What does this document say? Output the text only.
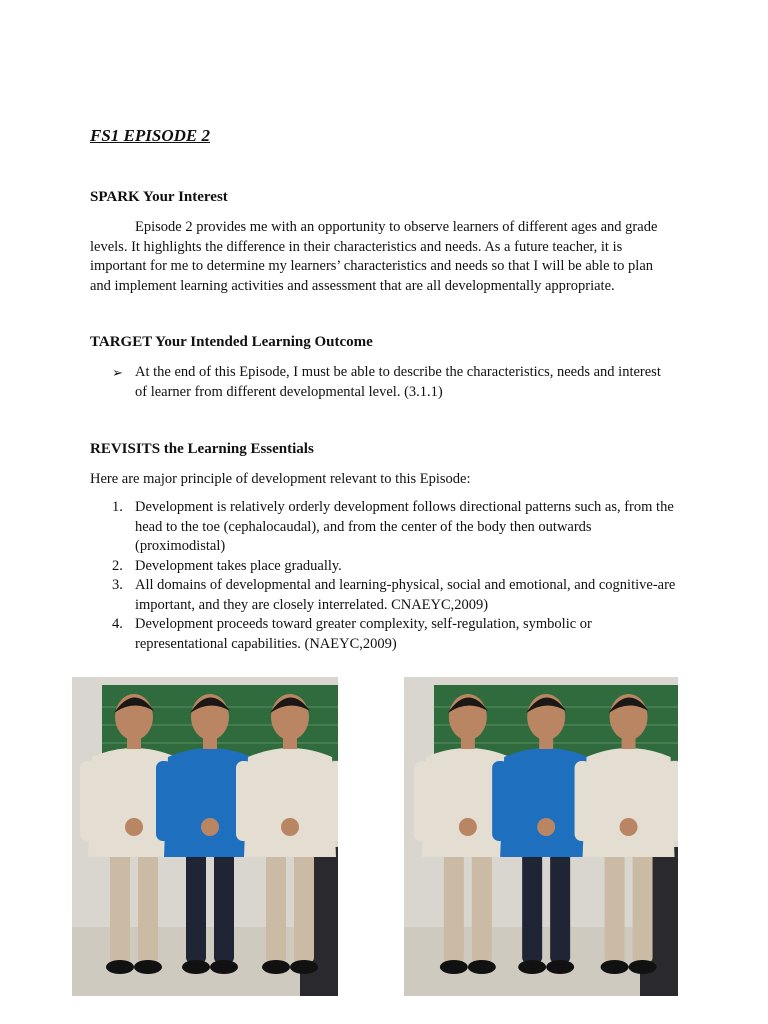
FS1 EPISODE 2
SPARK Your Interest
Episode 2 provides me with an opportunity to observe learners of different ages and grade levels. It highlights the difference in their characteristics and needs. As a future teacher, it is important for me to determine my learners’ characteristics and needs so that I will be able to plan and implement learning activities and assessment that are all developmentally appropriate.
TARGET Your Intended Learning Outcome
➢ At the end of this Episode, I must be able to describe the characteristics, needs and interest of learner from different developmental level. (3.1.1)
REVISITS the Learning Essentials
Here are major principle of development relevant to this Episode:
1. Development is relatively orderly development follows directional patterns such as, from the head to the toe (cephalocaudal), and from the center of the body then outwards (proximodistal)
2. Development takes place gradually.
3. All domains of developmental and learning-physical, social and emotional, and cognitive-are important, and they are closely interrelated. CNAEYC,2009)
4. Development proceeds toward greater complexity, self-regulation, symbolic or representational capabilities. (NAEYC,2009)
